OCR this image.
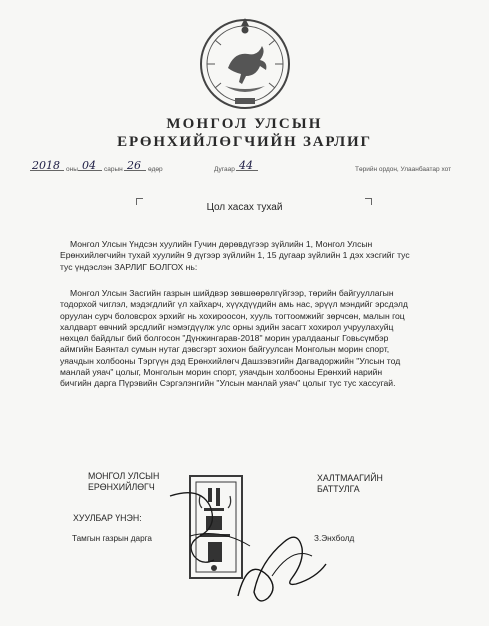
МОНГОЛ УЛСЫН
ЕРӨНХИЙЛӨГЧИЙН ЗАРЛИГ
2018 оны 04 сарын 26 өдөр	Дугаар 44	Төрийн ордон, Улаанбаатар хот
Цол хасах тухай
Монгол Улсын Үндсэн хуулийн Гучин дөрөвдүгээр зүйлийн 1, Монгол Улсын
Ерөнхийлөгчийн тухай хуулийн 9 дүгээр зүйлийн 1, 15 дугаар зүйлийн 1 дэх хэсгийг тус
тус үндэслэн ЗАРЛИГ БОЛГОХ нь:
Монгол Улсын Засгийн газрын шийдвэр зөвшөөрөлгүйгээр, төрийн байгууллагын
тодорхой чиглэл, мэдэгдлийг үл хайхарч, хүүхдүүдийн амь нас, эрүүл мэндийг эрсдэлд
оруулан сурч боловсрох эрхийг нь хохироосон, хууль тогтоомжийг зөрчсөн, малын гоц
халдварт өвчний эрсдлийг нэмэгдүүлж улс орны эдийн засагт хохирол учруулахуйц
нөхцөл байдлыг бий болгосон "Дүнжингарав-2018" морин уралдааныг Говьсүмбэр
аймгийн Баянтал сумын нутаг дэвсгэрт зохион байгуулсан Монголын морин спорт,
уяачдын холбооны Тэргүүн дэд Ерөнхийлөгч Дашзэвэгийн Дагвадоржийн "Улсын тод
манлай уяач" цолыг, Монголын морин спорт, уяачдын холбооны Ерөнхий нарийн
бичгийн дарга Пүрэвийн Сэргэлэнгийн "Улсын манлай уяач" цолыг тус тус хассугай.
МОНГОЛ УЛСЫН
ЕРӨНХИЙЛӨГЧ
ХАЛТМААГИЙН
БАТТУЛГА
ХУУЛБАР ҮНЭН:
Тамгын газрын дарга	З.Энхболд
